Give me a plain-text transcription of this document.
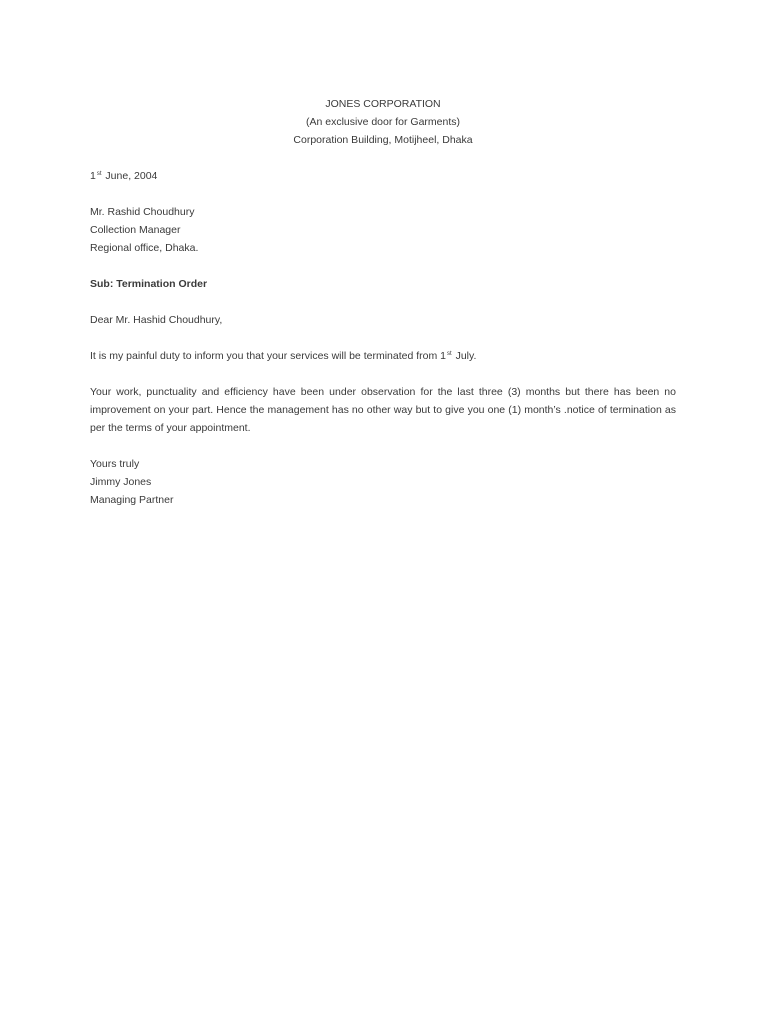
JONES CORPORATION
(An exclusive door for Garments)
Corporation Building, Motijheel, Dhaka
1st June, 2004
Mr. Rashid Choudhury
Collection Manager
Regional office, Dhaka.
Sub: Termination Order
Dear Mr. Hashid Choudhury,
It is my painful duty to inform you that your services will be terminated from 1st July.
Your work, punctuality and efficiency have been under observation for the last three (3) months but there has been no improvement on your part. Hence the management has no other way but to give you one (1) month’s .notice of termination as per the terms of your appointment.
Yours truly
Jimmy Jones
Managing Partner
